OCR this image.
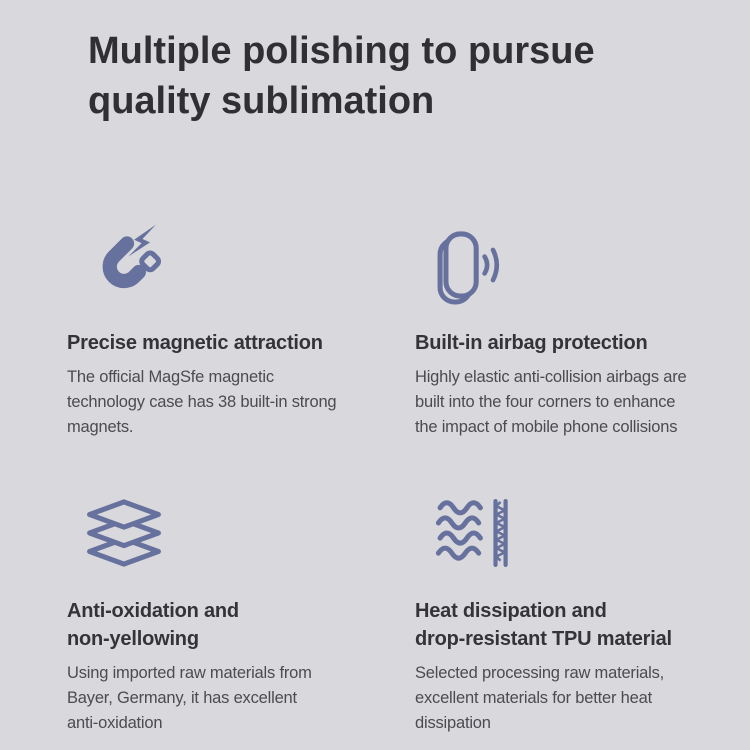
Multiple polishing to pursue
quality sublimation
Precise magnetic attraction
The official MagSfe magnetic
technology case has 38 built-in strong
magnets.
Built-in airbag protection
Highly elastic anti-collision airbags are
built into the four corners to enhance
the impact of mobile phone collisions
Anti-oxidation and
non-yellowing
Using imported raw materials from
Bayer, Germany, it has excellent
anti-oxidation
Heat dissipation and
drop-resistant TPU material
Selected processing raw materials,
excellent materials for better heat
dissipation
